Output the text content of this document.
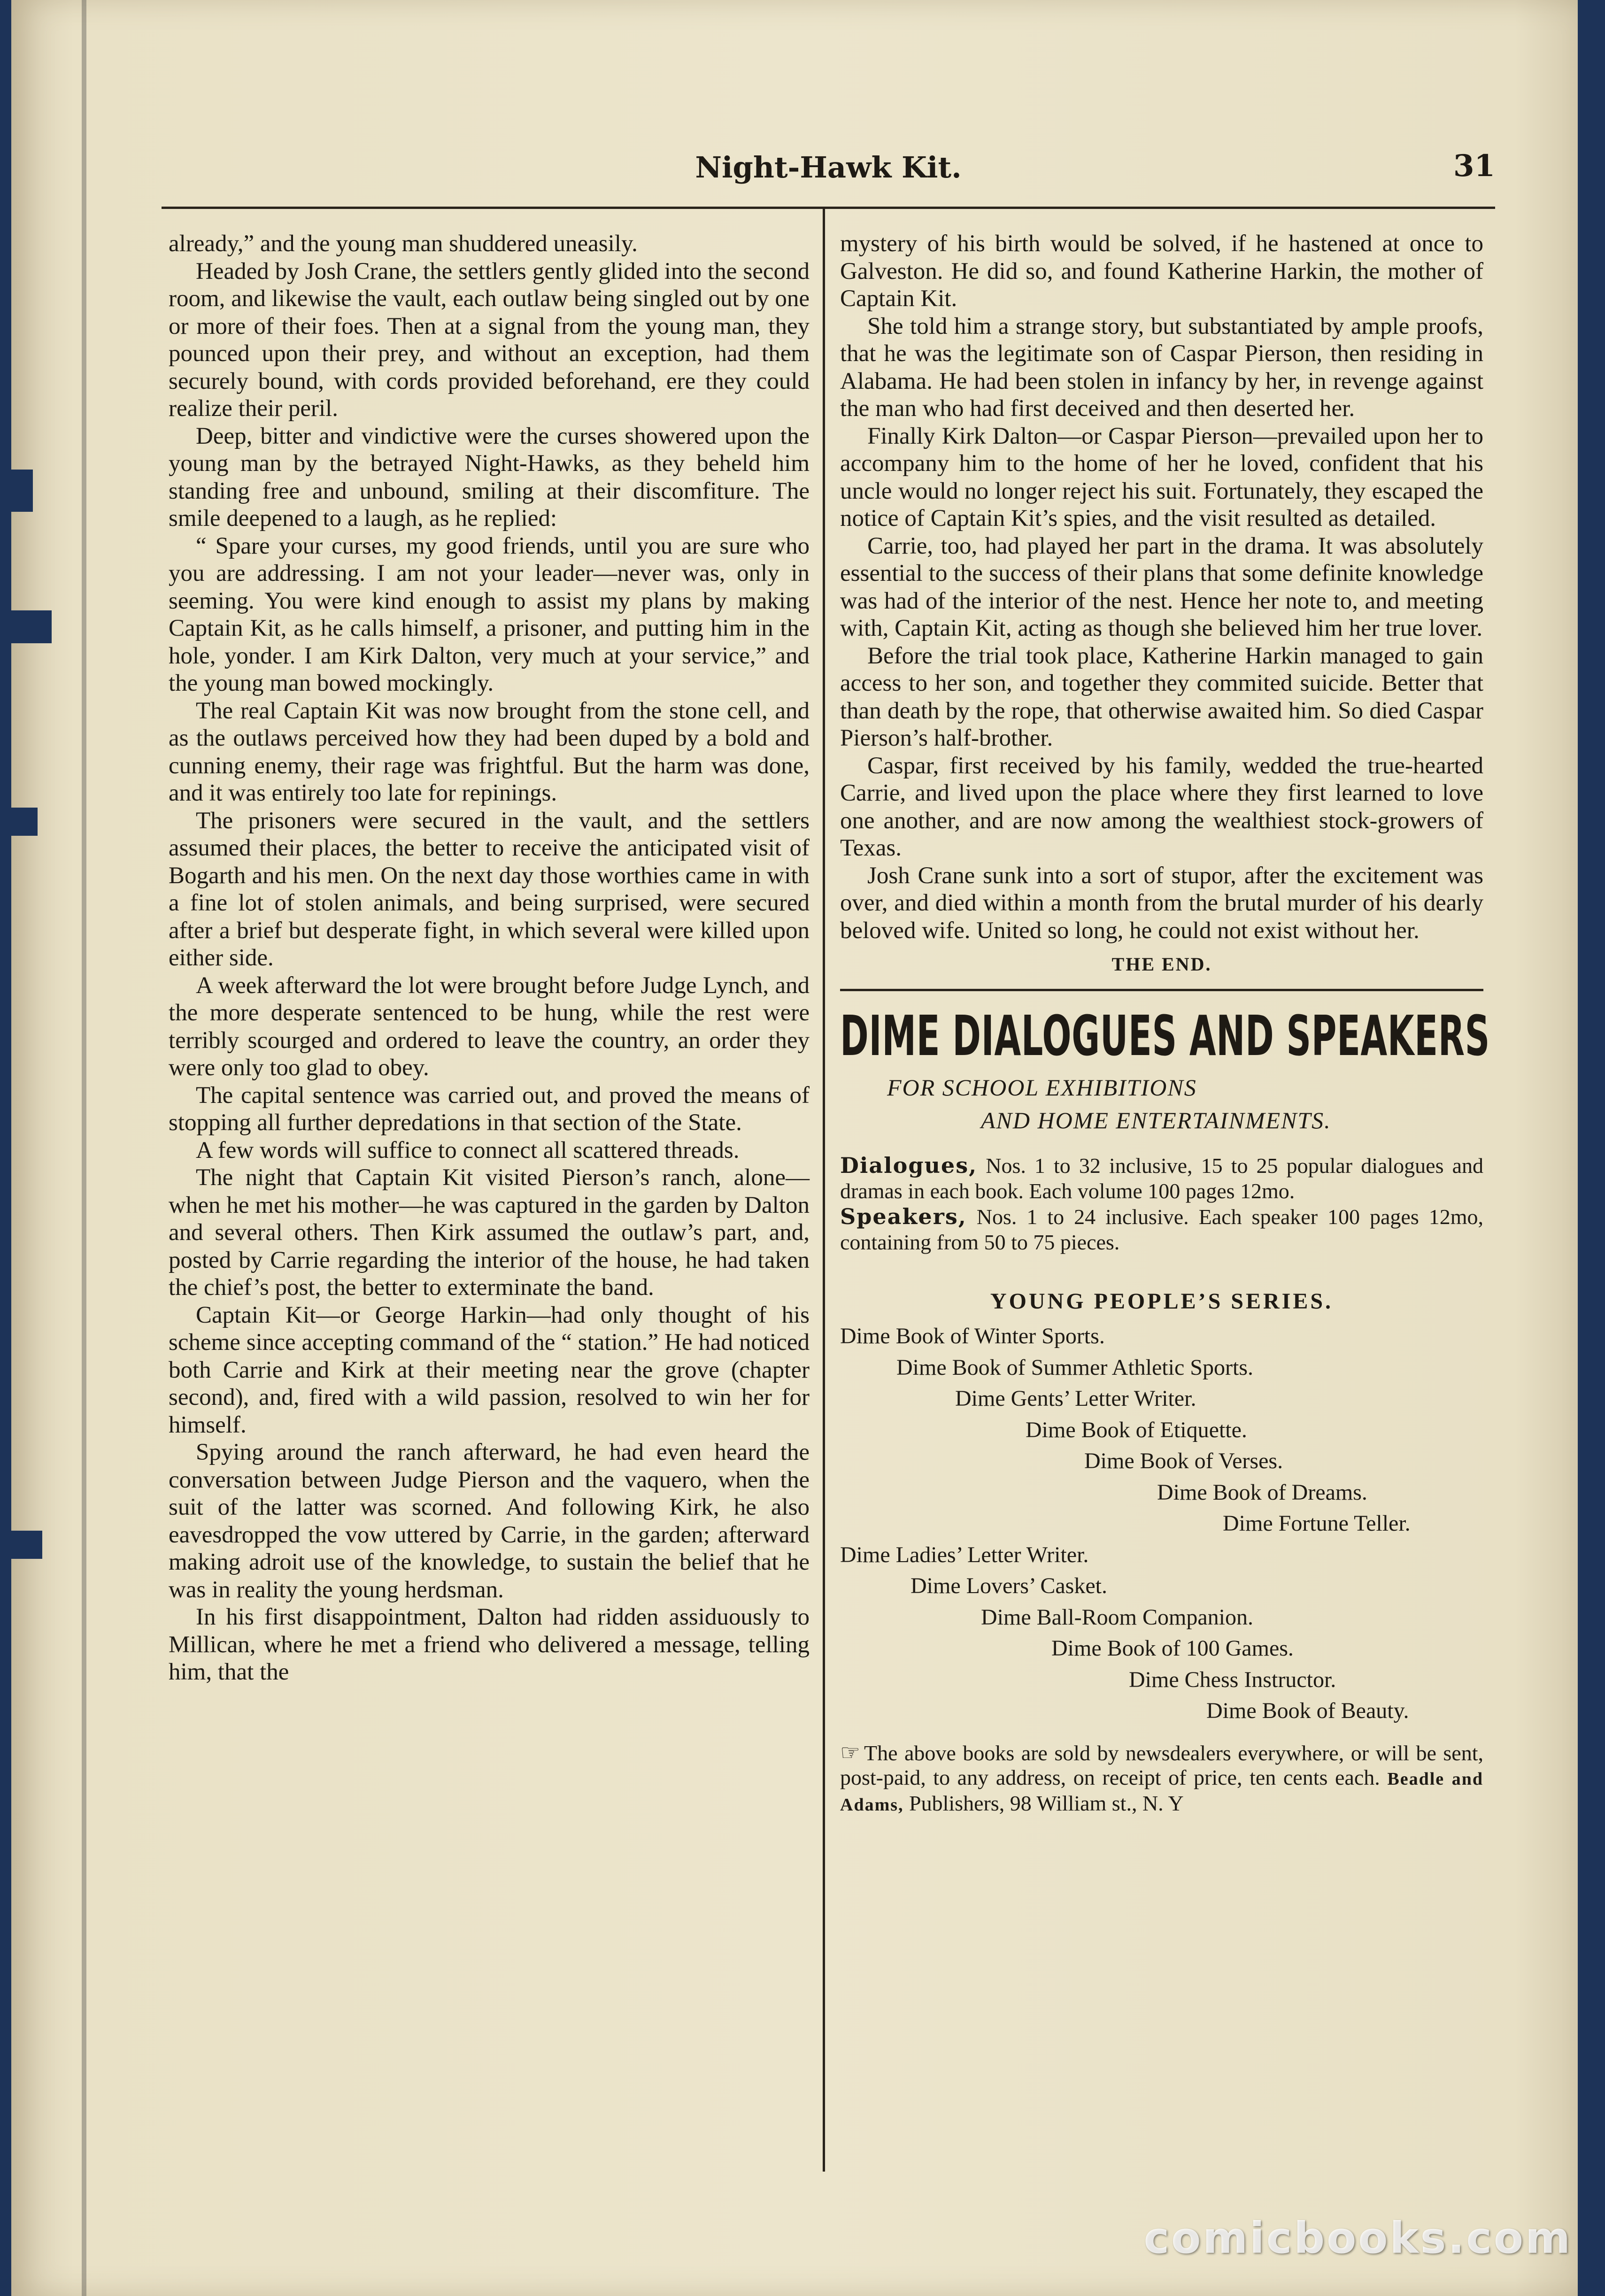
Night-Hawk Kit.	31

already,” and the young man shuddered uneasily.

Headed by Josh Crane, the settlers gently glided into the second room, and likewise the vault, each outlaw being singled out by one or more of their foes. Then at a signal from the young man, they pounced upon their prey, and without an exception, had them securely bound, with cords provided beforehand, ere they could realize their peril.

Deep, bitter and vindictive were the curses showered upon the young man by the betrayed Night-Hawks, as they beheld him standing free and unbound, smiling at their discomfiture. The smile deepened to a laugh, as he replied:

“ Spare your curses, my good friends, until you are sure who you are addressing. I am not your leader—never was, only in seeming. You were kind enough to assist my plans by making Captain Kit, as he calls himself, a prisoner, and putting him in the hole, yonder. I am Kirk Dalton, very much at your service,” and the young man bowed mockingly.

The real Captain Kit was now brought from the stone cell, and as the outlaws perceived how they had been duped by a bold and cunning enemy, their rage was frightful. But the harm was done, and it was entirely too late for repinings.

The prisoners were secured in the vault, and the settlers assumed their places, the better to receive the anticipated visit of Bogarth and his men. On the next day those worthies came in with a fine lot of stolen animals, and being surprised, were secured after a brief but desperate fight, in which several were killed upon either side.

A week afterward the lot were brought before Judge Lynch, and the more desperate sentenced to be hung, while the rest were terribly scourged and ordered to leave the country, an order they were only too glad to obey.

The capital sentence was carried out, and proved the means of stopping all further depredations in that section of the State.

A few words will suffice to connect all scattered threads.

The night that Captain Kit visited Pierson’s ranch, alone—when he met his mother—he was captured in the garden by Dalton and several others. Then Kirk assumed the outlaw’s part, and, posted by Carrie regarding the interior of the house, he had taken the chief’s post, the better to exterminate the band.

Captain Kit—or George Harkin—had only thought of his scheme since accepting command of the “ station.” He had noticed both Carrie and Kirk at their meeting near the grove (chapter second), and, fired with a wild passion, resolved to win her for himself.

Spying around the ranch afterward, he had even heard the conversation between Judge Pierson and the vaquero, when the suit of the latter was scorned. And following Kirk, he also eavesdropped the vow uttered by Carrie, in the garden; afterward making adroit use of the knowledge, to sustain the belief that he was in reality the young herdsman.

In his first disappointment, Dalton had ridden assiduously to Millican, where he met a friend who delivered a message, telling him, that the

mystery of his birth would be solved, if he hastened at once to Galveston. He did so, and found Katherine Harkin, the mother of Captain Kit.

She told him a strange story, but substantiated by ample proofs, that he was the legitimate son of Caspar Pierson, then residing in Alabama. He had been stolen in infancy by her, in revenge against the man who had first deceived and then deserted her.

Finally Kirk Dalton—or Caspar Pierson—prevailed upon her to accompany him to the home of her he loved, confident that his uncle would no longer reject his suit. Fortunately, they escaped the notice of Captain Kit’s spies, and the visit resulted as detailed.

Carrie, too, had played her part in the drama. It was absolutely essential to the success of their plans that some definite knowledge was had of the interior of the nest. Hence her note to, and meeting with, Captain Kit, acting as though she believed him her true lover.

Before the trial took place, Katherine Harkin managed to gain access to her son, and together they commited suicide. Better that than death by the rope, that otherwise awaited him. So died Caspar Pierson’s half-brother.

Caspar, first received by his family, wedded the true-hearted Carrie, and lived upon the place where they first learned to love one another, and are now among the wealthiest stock-growers of Texas.

Josh Crane sunk into a sort of stupor, after the excitement was over, and died within a month from the brutal murder of his dearly beloved wife. United so long, he could not exist without her.

THE END.
DIME DIALOGUES AND SPEAKERS
FOR SCHOOL EXHIBITIONS
AND HOME ENTERTAINMENTS.
Dialogues, Nos. 1 to 32 inclusive, 15 to 25 popular dialogues and dramas in each book. Each volume 100 pages 12mo.
Speakers, Nos. 1 to 24 inclusive. Each speaker 100 pages 12mo, containing from 50 to 75 pieces.
YOUNG PEOPLE’S SERIES.
Dime Book of Winter Sports.
Dime Book of Summer Athletic Sports.
Dime Gents’ Letter Writer.
Dime Book of Etiquette.
Dime Book of Verses.
Dime Book of Dreams.
Dime Fortune Teller.
Dime Ladies’ Letter Writer.
Dime Lovers’ Casket.
Dime Ball-Room Companion.
Dime Book of 100 Games.
Dime Chess Instructor.
Dime Book of Beauty.
☞ The above books are sold by newsdealers everywhere, or will be sent, post-paid, to any address, on receipt of price, ten cents each. Beadle and Adams, Publishers, 98 William st., N. Y
comicbooks.com
